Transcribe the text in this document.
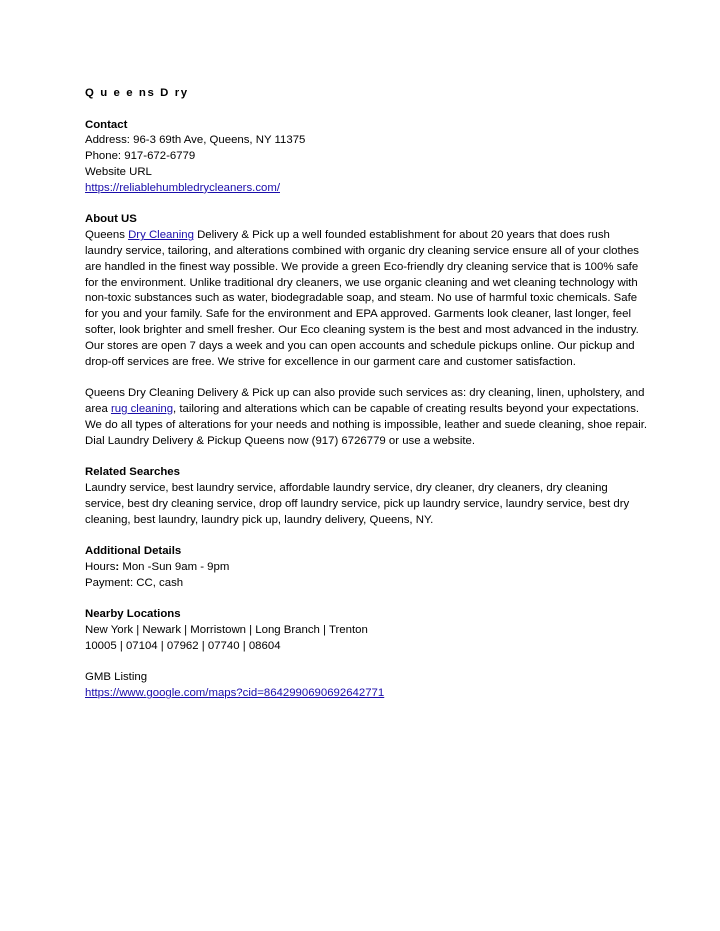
Q u e e ns D ry
Contact
Address: 96-3 69th Ave, Queens, NY 11375
Phone: 917-672-6779
Website URL
https://reliablehumbledrycleaners.com/
About US
Queens Dry Cleaning Delivery & Pick up a well founded establishment for about 20 years that does rush laundry service, tailoring, and alterations combined with organic dry cleaning service ensure all of your clothes are handled in the finest way possible. We provide a green Eco-friendly dry cleaning service that is 100% safe for the environment. Unlike traditional dry cleaners, we use organic cleaning and wet cleaning technology with non-toxic substances such as water, biodegradable soap, and steam. No use of harmful toxic chemicals. Safe for you and your family. Safe for the environment and EPA approved. Garments look cleaner, last longer, feel softer, look brighter and smell fresher. Our Eco cleaning system is the best and most advanced in the industry. Our stores are open 7 days a week and you can open accounts and schedule pickups online. Our pickup and drop-off services are free. We strive for excellence in our garment care and customer satisfaction.
Queens Dry Cleaning Delivery & Pick up can also provide such services as: dry cleaning, linen, upholstery, and area rug cleaning, tailoring and alterations which can be capable of creating results beyond your expectations. We do all types of alterations for your needs and nothing is impossible, leather and suede cleaning, shoe repair. Dial Laundry Delivery & Pickup Queens now (917) 6726779 or use a website.
Related Searches
Laundry service, best laundry service, affordable laundry service, dry cleaner, dry cleaners, dry cleaning service, best dry cleaning service, drop off laundry service, pick up laundry service, laundry service, best dry cleaning, best laundry, laundry pick up, laundry delivery, Queens, NY.
Additional Details
Hours: Mon -Sun 9am - 9pm
Payment: CC, cash
Nearby Locations
New York | Newark | Morristown | Long Branch | Trenton
10005 | 07104 | 07962 | 07740 | 08604
GMB Listing
https://www.google.com/maps?cid=8642990690692642771
